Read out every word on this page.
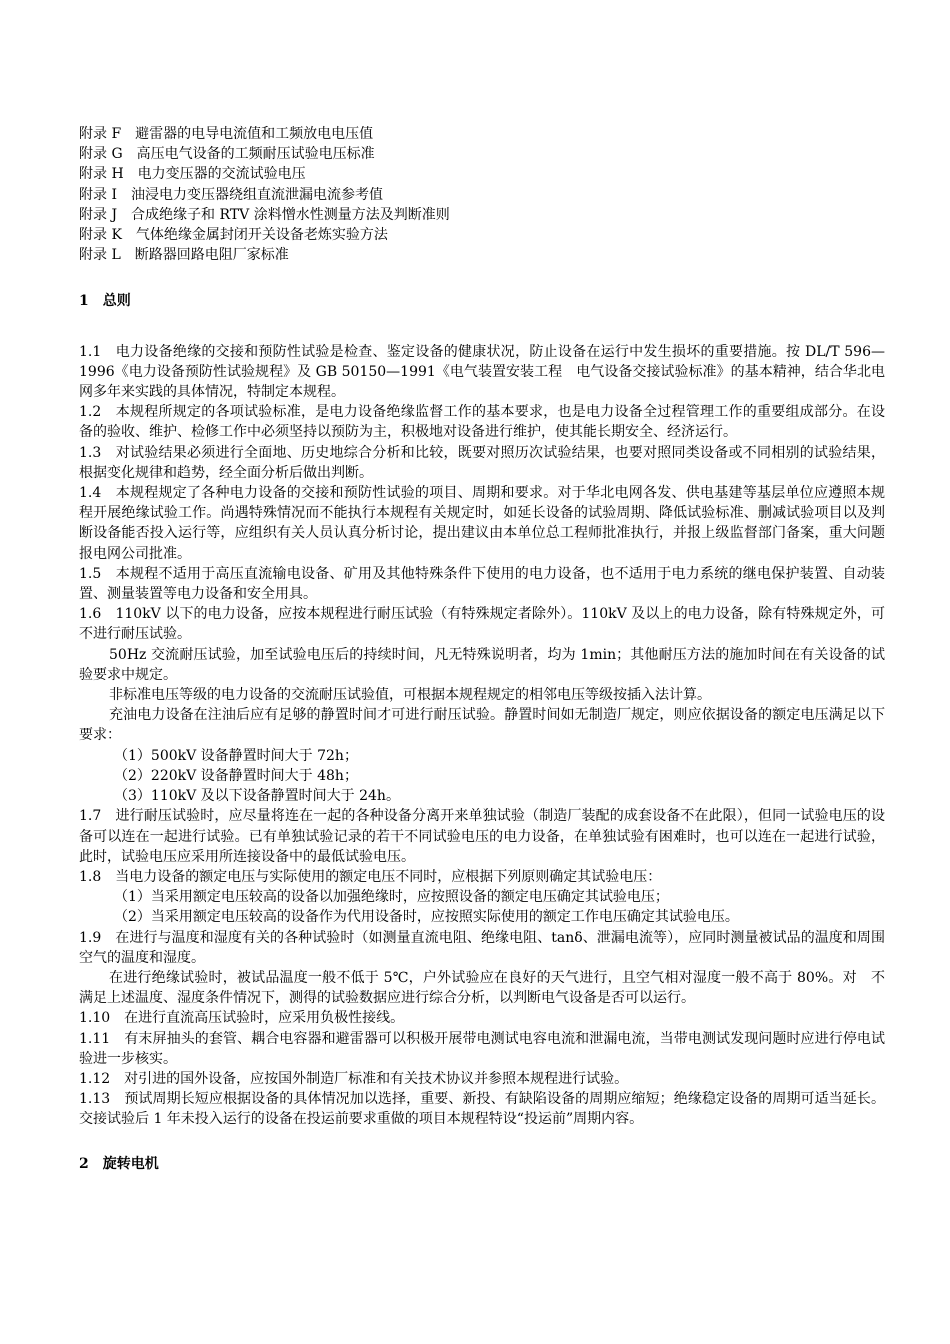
附录 F　避雷器的电导电流值和工频放电电压值
附录 G　高压电气设备的工频耐压试验电压标准
附录 H　电力变压器的交流试验电压
附录 I　油浸电力变压器绕组直流泄漏电流参考值
附录 J　合成绝缘子和 RTV 涂料憎水性测量方法及判断准则
附录 K　气体绝缘金属封闭开关设备老炼实验方法
附录 L　断路器回路电阻厂家标准
1　总则

1.1　电力设备绝缘的交接和预防性试验是检查、鉴定设备的健康状况，防止设备在运行中发生损坏的重要措施。按 DL/T 596—1996《电力设备预防性试验规程》及 GB 50150—1991《电气装置安装工程　电气设备交接试验标准》的基本精神，结合华北电网多年来实践的具体情况，特制定本规程。

1.2　本规程所规定的各项试验标准，是电力设备绝缘监督工作的基本要求，也是电力设备全过程管理工作的重要组成部分。在设备的验收、维护、检修工作中必须坚持以预防为主，积极地对设备进行维护，使其能长期安全、经济运行。

1.3　对试验结果必须进行全面地、历史地综合分析和比较，既要对照历次试验结果，也要对照同类设备或不同相别的试验结果，根据变化规律和趋势，经全面分析后做出判断。

1.4　本规程规定了各种电力设备的交接和预防性试验的项目、周期和要求。对于华北电网各发、供电基建等基层单位应遵照本规程开展绝缘试验工作。尚遇特殊情况而不能执行本规程有关规定时，如延长设备的试验周期、降低试验标准、删减试验项目以及判断设备能否投入运行等，应组织有关人员认真分析讨论，提出建议由本单位总工程师批准执行，并报上级监督部门备案，重大问题报电网公司批准。

1.5　本规程不适用于高压直流输电设备、矿用及其他特殊条件下使用的电力设备，也不适用于电力系统的继电保护装置、自动装置、测量装置等电力设备和安全用具。

1.6　110kV 以下的电力设备，应按本规程进行耐压试验（有特殊规定者除外）。110kV 及以上的电力设备，除有特殊规定外，可不进行耐压试验。

50Hz 交流耐压试验，加至试验电压后的持续时间，凡无特殊说明者，均为 1min；其他耐压方法的施加时间在有关设备的试验要求中规定。

非标准电压等级的电力设备的交流耐压试验值，可根据本规程规定的相邻电压等级按插入法计算。

充油电力设备在注油后应有足够的静置时间才可进行耐压试验。静置时间如无制造厂规定，则应依据设备的额定电压满足以下要求：

（1）500kV 设备静置时间大于 72h；

（2）220kV 设备静置时间大于 48h；

（3）110kV 及以下设备静置时间大于 24h。

1.7　进行耐压试验时，应尽量将连在一起的各种设备分离开来单独试验（制造厂装配的成套设备不在此限），但同一试验电压的设备可以连在一起进行试验。已有单独试验记录的若干不同试验电压的电力设备，在单独试验有困难时，也可以连在一起进行试验，此时，试验电压应采用所连接设备中的最低试验电压。

1.8　当电力设备的额定电压与实际使用的额定电压不同时，应根据下列原则确定其试验电压：

（1）当采用额定电压较高的设备以加强绝缘时，应按照设备的额定电压确定其试验电压；

（2）当采用额定电压较高的设备作为代用设备时，应按照实际使用的额定工作电压确定其试验电压。

1.9　在进行与温度和湿度有关的各种试验时（如测量直流电阻、绝缘电阻、tanδ、泄漏电流等），应同时测量被试品的温度和周围空气的温度和湿度。

在进行绝缘试验时，被试品温度一般不低于 5℃，户外试验应在良好的天气进行，且空气相对湿度一般不高于 80%。对　不满足上述温度、湿度条件情况下，测得的试验数据应进行综合分析，以判断电气设备是否可以运行。

1.10　在进行直流高压试验时，应采用负极性接线。

1.11　有末屏抽头的套管、耦合电容器和避雷器可以积极开展带电测试电容电流和泄漏电流，当带电测试发现问题时应进行停电试验进一步核实。

1.12　对引进的国外设备，应按国外制造厂标准和有关技术协议并参照本规程进行试验。

1.13　预试周期长短应根据设备的具体情况加以选择，重要、新投、有缺陷设备的周期应缩短；绝缘稳定设备的周期可适当延长。交接试验后 1 年未投入运行的设备在投运前要求重做的项目本规程特设“投运前”周期内容。

2　旋转电机
